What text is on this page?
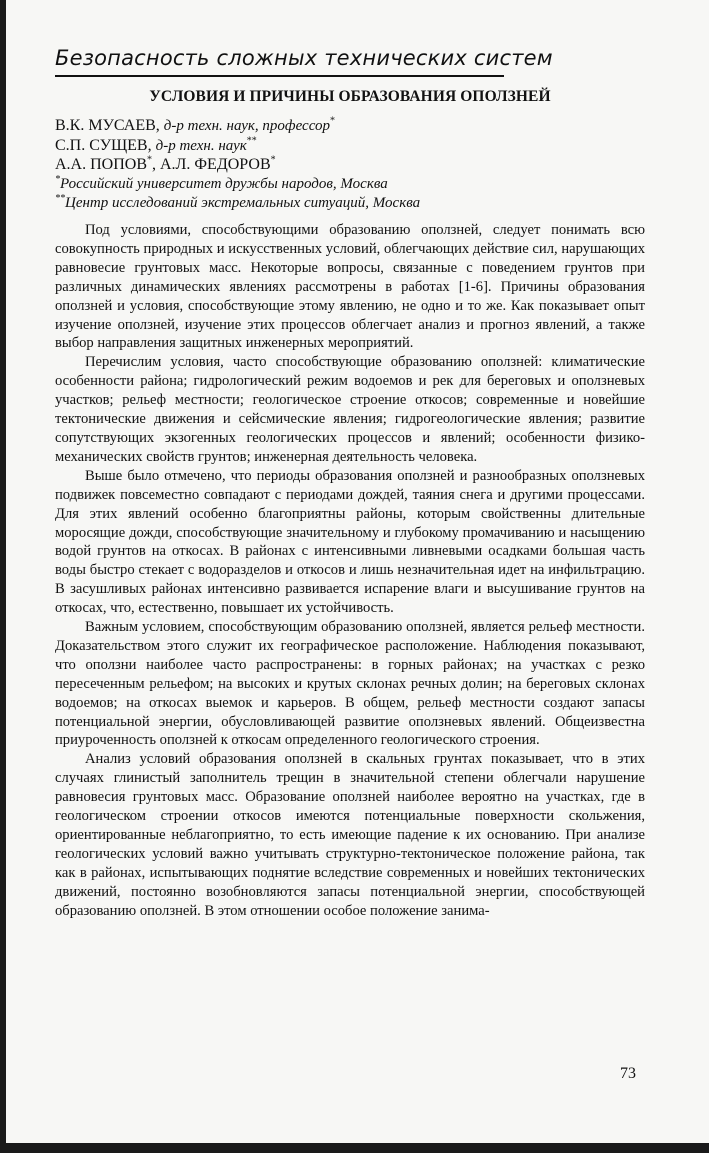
Безопасность сложных технических систем
УСЛОВИЯ И ПРИЧИНЫ ОБРАЗОВАНИЯ ОПОЛЗНЕЙ
В.К. МУСАЕВ, д-р техн. наук, профессор*
С.П. СУЩЕВ, д-р техн. наук**
А.А. ПОПОВ*, А.Л. ФЕДОРОВ*
*Российский университет дружбы народов, Москва
**Центр исследований экстремальных ситуаций, Москва

Под условиями, способствующими образованию оползней, следует понимать всю совокупность природных и искусственных условий, облегчающих действие сил, нарушающих равновесие грунтовых масс. Некоторые вопросы, связанные с поведением грунтов при различных динамических явлениях рассмотрены в работах [1-6]. Причины образования оползней и условия, способствующие этому явлению, не одно и то же. Как показывает опыт изучение оползней, изучение этих процессов облегчает анализ и прогноз явлений, а также выбор направления защитных инженерных мероприятий.

Перечислим условия, часто способствующие образованию оползней: климатические особенности района; гидрологический режим водоемов и рек для береговых и оползневых участков; рельеф местности; геологическое строение откосов; современные и новейшие тектонические движения и сейсмические явления; гидрогеологические явления; развитие сопутствующих экзогенных геологических процессов и явлений; особенности физико-механических свойств грунтов; инженерная деятельность человека.

Выше было отмечено, что периоды образования оползней и разнообразных оползневых подвижек повсеместно совпадают с периодами дождей, таяния снега и другими процессами. Для этих явлений особенно благоприятны районы, которым свойственны длительные моросящие дожди, способствующие значительному и глубокому промачиванию и насыщению водой грунтов на откосах. В районах с интенсивными ливневыми осадками большая часть воды быстро стекает с водоразделов и откосов и лишь незначительная идет на инфильтрацию. В засушливых районах интенсивно развивается испарение влаги и высушивание грунтов на откосах, что, естественно, повышает их устойчивость.

Важным условием, способствующим образованию оползней, является рельеф местности. Доказательством этого служит их географическое расположение. Наблюдения показывают, что оползни наиболее часто распространены: в горных районах; на участках с резко пересеченным рельефом; на высоких и крутых склонах речных долин; на береговых склонах водоемов; на откосах выемок и карьеров. В общем, рельеф местности создают запасы потенциальной энергии, обусловливающей развитие оползневых явлений. Общеизвестна приуроченность оползней к откосам определенного геологического строения.

Анализ условий образования оползней в скальных грунтах показывает, что в этих случаях глинистый заполнитель трещин в значительной степени облегчали нарушение равновесия грунтовых масс. Образование оползней наиболее вероятно на участках, где в геологическом строении откосов имеются потенциальные поверхности скольжения, ориентированные неблагоприятно, то есть имеющие падение к их основанию. При анализе геологических условий важно учитывать структурно-тектоническое положение района, так как в районах, испытывающих поднятие вследствие современных и новейших тектонических движений, постоянно возобновляются запасы потенциальной энергии, способствующей образованию оползней. В этом отношении особое положение занима-

73
